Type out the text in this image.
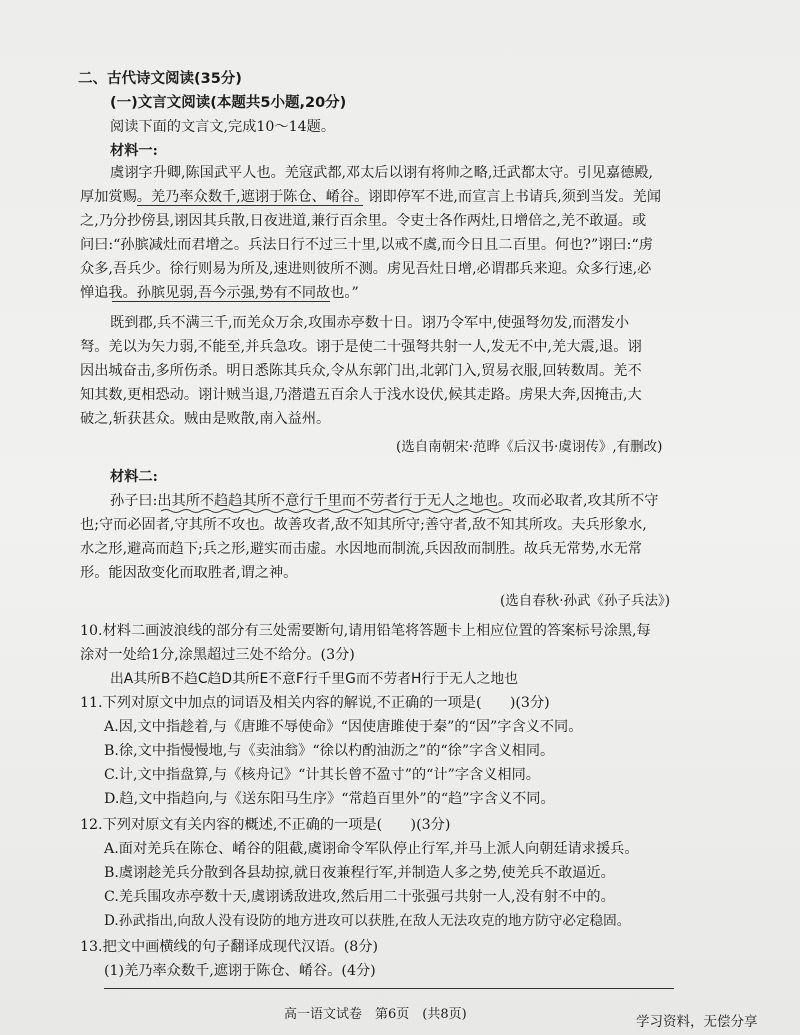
二、古代诗文阅读(35分)
(一)文言文阅读(本题共5小题,20分)
阅读下面的文言文,完成10～14题。
材料一:
虞诩字升卿,陈国武平人也。羌寇武都,邓太后以诩有将帅之略,迁武都太守。引见嘉德殿,
厚加赏赐。羌乃率众数千,遮诩于陈仓、崤谷。诩即停军不进,而宣言上书请兵,须到当发。羌闻
之,乃分抄傍县,诩因其兵散,日夜进道,兼行百余里。令吏士各作两灶,日增倍之,羌不敢逼。或
问曰:“孙膑减灶而君增之。兵法日行不过三十里,以戒不虞,而今日且二百里。何也?”诩曰:“虏
众多,吾兵少。徐行则易为所及,速进则彼所不测。虏见吾灶日增,必谓郡兵来迎。众多行速,必
惮追我。孙膑见弱,吾今示强,势有不同故也。”
既到郡,兵不满三千,而羌众万余,攻围赤亭数十日。诩乃令军中,使强弩勿发,而潜发小
弩。羌以为矢力弱,不能至,并兵急攻。诩于是使二十强弩共射一人,发无不中,羌大震,退。诩
因出城奋击,多所伤杀。明日悉陈其兵众,令从东郭门出,北郭门入,贸易衣服,回转数周。羌不
知其数,更相恐动。诩计贼当退,乃潜遣五百余人于浅水设伏,候其走路。虏果大奔,因掩击,大
破之,斩获甚众。贼由是败散,南入益州。
(选自南朝宋·范晔《后汉书·虞诩传》,有删改)
材料二:
孙子曰:出其所不趋趋其所不意行千里而不劳者行于无人之地也。攻而必取者,攻其所不守
也;守而必固者,守其所不攻也。故善攻者,敌不知其所守;善守者,敌不知其所攻。夫兵形象水,
水之形,避高而趋下;兵之形,避实而击虚。水因地而制流,兵因敌而制胜。故兵无常势,水无常
形。能因敌变化而取胜者,谓之神。
(选自春秋·孙武《孙子兵法》)
10.材料二画波浪线的部分有三处需要断句,请用铅笔将答题卡上相应位置的答案标号涂黑,每
涂对一处给1分,涂黑超过三处不给分。(3分)
出A其所B不趋C趋D其所E不意F行千里G而不劳者H行于无人之地也
11.下列对原文中加点的词语及相关内容的解说,不正确的一项是(　　)(3分)
A.因,文中指趁着,与《唐雎不辱使命》“因使唐雎使于秦”的“因”字含义不同。
B.徐,文中指慢慢地,与《卖油翁》“徐以杓酌油沥之”的“徐”字含义相同。
C.计,文中指盘算,与《核舟记》“计其长曾不盈寸”的“计”字含义相同。
D.趋,文中指趋向,与《送东阳马生序》“常趋百里外”的“趋”字含义不同。
12.下列对原文有关内容的概述,不正确的一项是(　　)(3分)
A.面对羌兵在陈仓、崤谷的阻截,虞诩命令军队停止行军,并马上派人向朝廷请求援兵。
B.虞诩趁羌兵分散到各县劫掠,就日夜兼程行军,并制造人多之势,使羌兵不敢逼近。
C.羌兵围攻赤亭数十天,虞诩诱敌进攻,然后用二十张强弓共射一人,没有射不中的。
D.孙武指出,向敌人没有设防的地方进攻可以获胜,在敌人无法攻克的地方防守必定稳固。
13.把文中画横线的句子翻译成现代汉语。(8分)
(1)羌乃率众数千,遮诩于陈仓、崤谷。(4分)
高一语文试卷　第6页　(共8页)	学习资料，无偿分享
